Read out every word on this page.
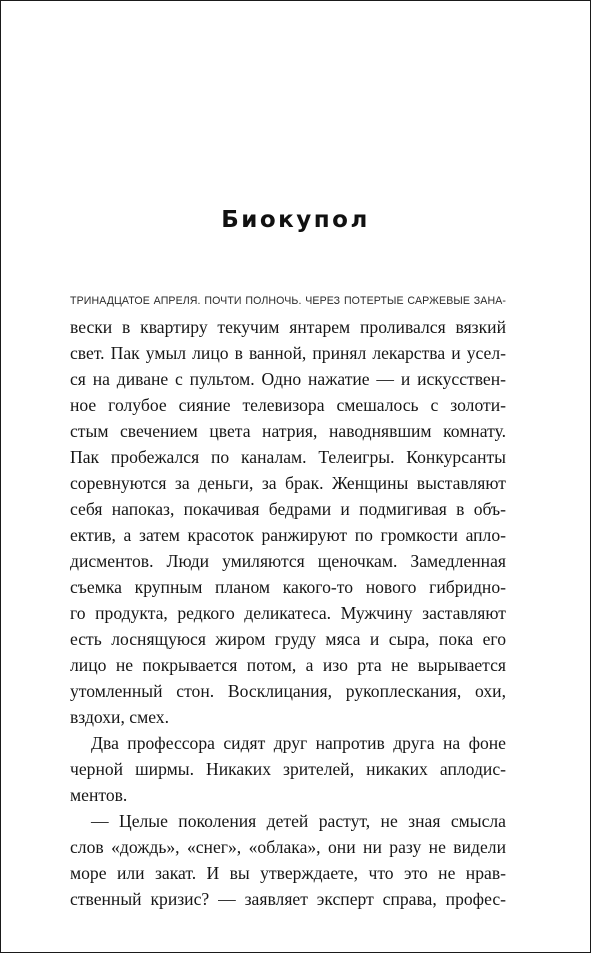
Биокупол
ТРИНАДЦАТОЕ АПРЕЛЯ. ПОЧТИ ПОЛНОЧЬ. ЧЕРЕЗ ПОТЕРТЫЕ САРЖЕВЫЕ ЗАНА-
вески в квартиру текучим янтарем проливался вязкий
свет. Пак умыл лицо в ванной, принял лекарства и усел-
ся на диване с пультом. Одно нажатие — и искусствен-
ное голубое сияние телевизора смешалось с золоти-
стым свечением цвета натрия, наводнявшим комнату.
Пак пробежался по каналам. Телеигры. Конкурсанты
соревнуются за деньги, за брак. Женщины выставляют
себя напоказ, покачивая бедрами и подмигивая в объ-
ектив, а затем красоток ранжируют по громкости апло-
дисментов. Люди умиляются щеночкам. Замедленная
съемка крупным планом какого-то нового гибридно-
го продукта, редкого деликатеса. Мужчину заставляют
есть лоснящуюся жиром груду мяса и сыра, пока его
лицо не покрывается потом, а изо рта не вырывается
утомленный стон. Восклицания, рукоплескания, охи,
вздохи, смех.
Два профессора сидят друг напротив друга на фоне
черной ширмы. Никаких зрителей, никаких аплодис-
ментов.
— Целые поколения детей растут, не зная смысла
слов «дождь», «снег», «облака», они ни разу не видели
море или закат. И вы утверждаете, что это не нрав-
ственный кризис? — заявляет эксперт справа, профес-
